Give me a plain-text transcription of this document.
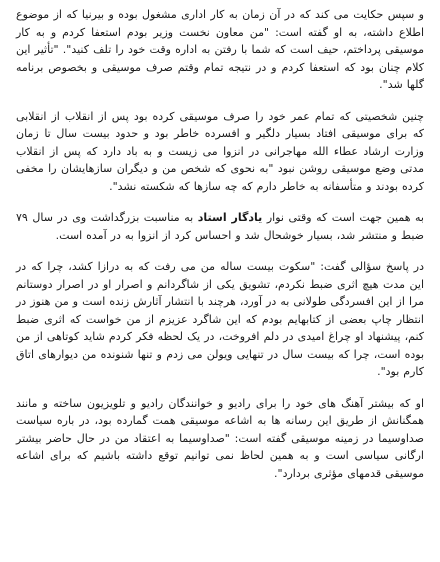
و سپس حکایت می کند که در آن زمان به کار اداری مشغول بوده و بیرنیا که از موضوع اطلاع داشته، به او گفته است: "من معاون نخست وزیر بودم استعفا کردم و به کار موسیقی پرداختم، حیف است که شما با رفتن به اداره وقت خود را تلف کنید". "تأثیر این کلام چنان بود که استعفا کردم و در نتیجه تمام وقتم صرف موسیقی و بخصوص برنامه گلها شد".

چنین شخصیتی که تمام عمر خود را صرف موسیقی کرده بود پس از انقلاب از انقلابی که برای موسیقی افتاد بسیار دلگیر و افسرده خاطر بود و حدود بیست سال تا زمان وزارت ارشاد عطاء الله مهاجرانی در انزوا می زیست و به باد دارد که پس از انقلاب مدتی وضع موسیقی روشن نبود "به نحوی که شخص من و دیگران سازهایشان را مخفی کرده بودند و متأسفانه به خاطر دارم که چه سازها که شکسته نشد".

به همین جهت است که وقتی نوار یادگار استاد به مناسبت بزرگداشت وی در سال ۷۹ ضبط و منتشر شد، بسیار خوشحال شد و احساس کرد از انزوا به در آمده است.

در پاسخ سؤالی گفت: "سکوت بیست ساله من می رفت که به درازا کشد، چرا که در این مدت هیچ اثری ضبط نکردم، تشویق یکی از شاگردانم و اصرار او در اصرار دوستانم مرا از این افسردگی طولانی به در آورد، هرچند با انتشار آثارش زنده است و من هنوز در انتظار چاپ بعضی از کتابهایم بودم که این شاگرد عزیزم از من خواست که اثری ضبط کنم، پیشنهاد او چراغ امیدی در دلم افروخت، در یک لحظه فکر کردم شاید کوتاهی از من بوده است، چرا که بیست سال در تنهایی ویولن می زدم و تنها شنونده من دیوارهای اتاق کارم بود".

او که بیشتر آهنگ های خود را برای رادیو و خوانندگان رادیو و تلویزیون ساخته و مانند همگنانش از طریق این رسانه ها به اشاعه موسیقی همت گمارده بود، در باره سیاست صداوسیما در زمینه موسیقی گفته است: "صداوسیما به اعتقاد من در حال حاضر بیشتر ارگانی سیاسی است و به همین لحاظ نمی توانیم توقع داشته باشیم که برای اشاعه موسیقی قدمهای مؤثری بردارد".
